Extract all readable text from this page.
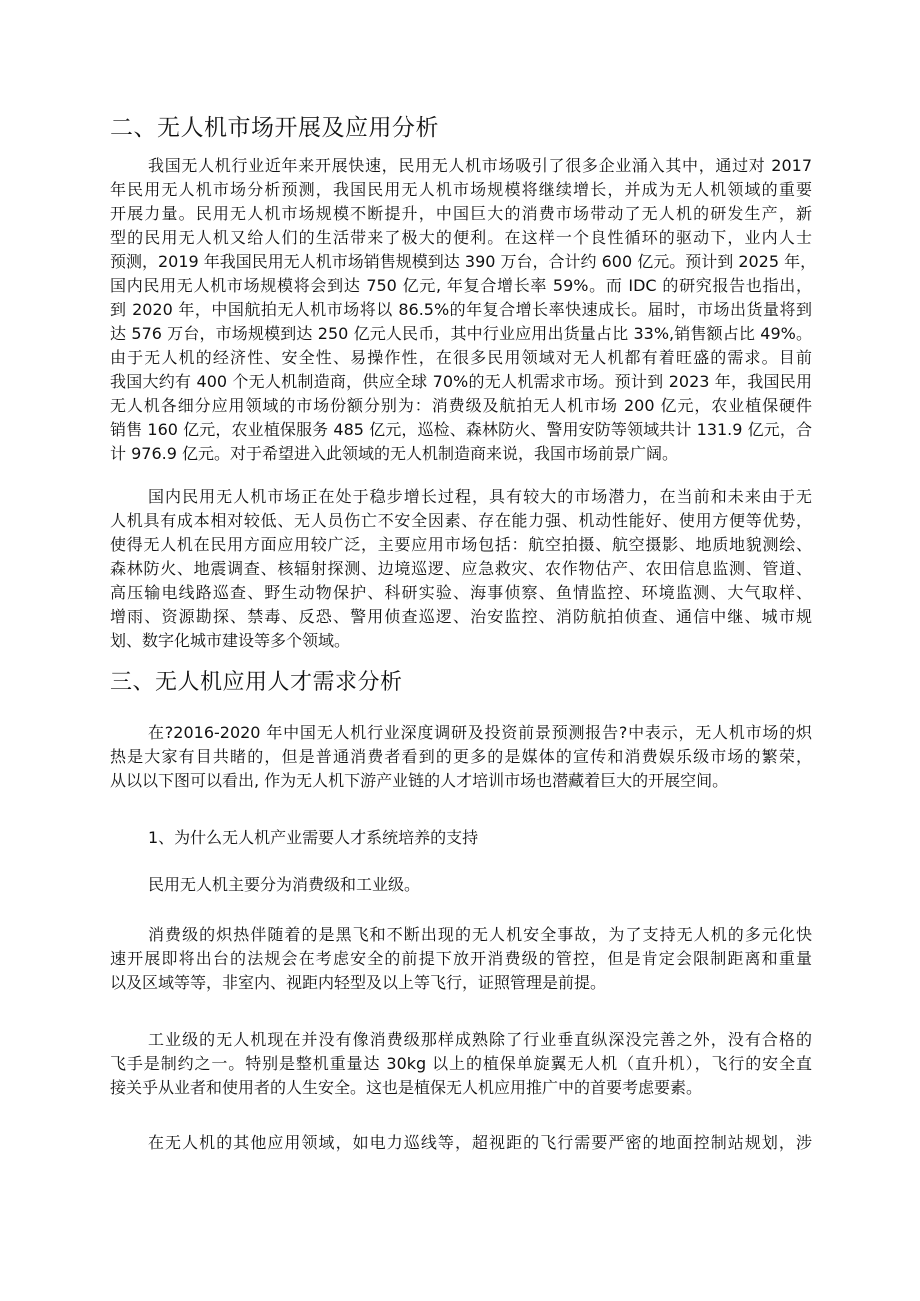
二、无人机市场开展及应用分析
我国无人机行业近年来开展快速，民用无人机市场吸引了很多企业涌入其中，通过对 2017
年民用无人机市场分析预测，我国民用无人机市场规模将继续增长，并成为无人机领域的重要
开展力量。民用无人机市场规模不断提升，中国巨大的消费市场带动了无人机的研发生产，新
型的民用无人机又给人们的生活带来了极大的便利。在这样一个良性循环的驱动下，业内人士
预测，2019 年我国民用无人机市场销售规模到达 390 万台，合计约 600 亿元。预计到 2025 年，
国内民用无人机市场规模将会到达 750 亿元, 年复合增长率 59%。而 IDC 的研究报告也指出，
到 2020 年，中国航拍无人机市场将以 86.5%的年复合增长率快速成长。届时，市场出货量将到
达 576 万台，市场规模到达 250 亿元人民币，其中行业应用出货量占比 33%,销售额占比 49%。
由于无人机的经济性、安全性、易操作性，在很多民用领域对无人机都有着旺盛的需求。目前
我国大约有 400 个无人机制造商，供应全球 70%的无人机需求市场。预计到 2023 年，我国民用
无人机各细分应用领域的市场份额分别为：消费级及航拍无人机市场 200 亿元，农业植保硬件
销售 160 亿元，农业植保服务 485 亿元，巡检、森林防火、警用安防等领域共计 131.9 亿元，合
计 976.9 亿元。对于希望进入此领域的无人机制造商来说，我国市场前景广阔。
国内民用无人机市场正在处于稳步增长过程，具有较大的市场潜力，在当前和未来由于无
人机具有成本相对较低、无人员伤亡不安全因素、存在能力强、机动性能好、使用方便等优势，
使得无人机在民用方面应用较广泛，主要应用市场包括：航空拍摄、航空摄影、地质地貌测绘、
森林防火、地震调查、核辐射探测、边境巡逻、应急救灾、农作物估产、农田信息监测、管道、
高压输电线路巡查、野生动物保护、科研实验、海事侦察、鱼情监控、环境监测、大气取样、
增雨、资源勘探、禁毒、反恐、警用侦查巡逻、治安监控、消防航拍侦查、通信中继、城市规
划、数字化城市建设等多个领域。
三、无人机应用人才需求分析
在?2016-2020 年中国无人机行业深度调研及投资前景预测报告?中表示，无人机市场的炽
热是大家有目共睹的，但是普通消费者看到的更多的是媒体的宣传和消费娱乐级市场的繁荣，
从以以下图可以看出, 作为无人机下游产业链的人才培训市场也潜藏着巨大的开展空间。
1、为什么无人机产业需要人才系统培养的支持
民用无人机主要分为消费级和工业级。
消费级的炽热伴随着的是黑飞和不断出现的无人机安全事故，为了支持无人机的多元化快
速开展即将出台的法规会在考虑安全的前提下放开消费级的管控，但是肯定会限制距离和重量
以及区域等等，非室内、视距内轻型及以上等飞行，证照管理是前提。
工业级的无人机现在并没有像消费级那样成熟除了行业垂直纵深没完善之外，没有合格的
飞手是制约之一。特别是整机重量达 30kg 以上的植保单旋翼无人机（直升机），飞行的安全直
接关乎从业者和使用者的人生安全。这也是植保无人机应用推广中的首要考虑要素。
在无人机的其他应用领域，如电力巡线等，超视距的飞行需要严密的地面控制站规划，涉
